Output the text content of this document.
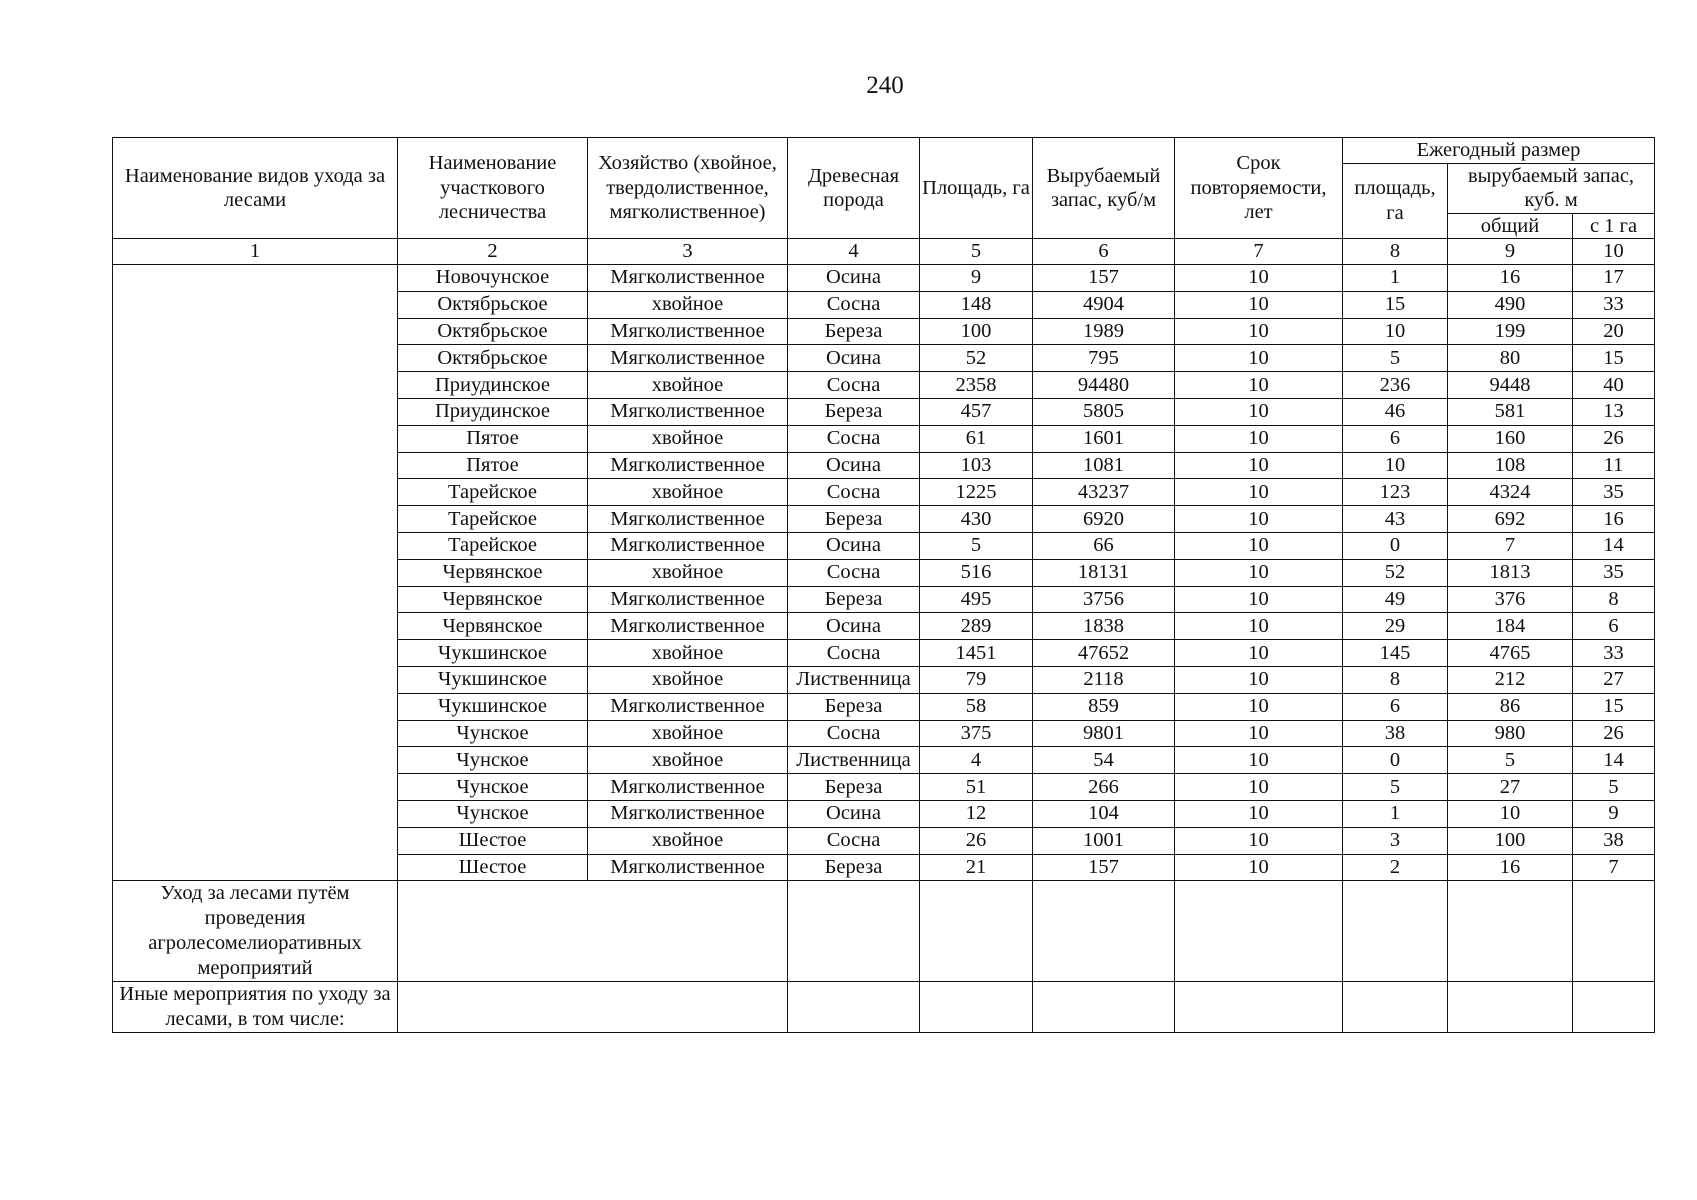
240
Наименование видов ухода за лесами	Наименование участкового лесничества	Хозяйство (хвойное, твердолиственное, мягколиственное)	Древесная порода	Площадь, га	Вырубаемый запас, куб/м	Срок повторяемости, лет	Ежегодный размер		
							площадь, га	вырубаемый запас, куб. м	
								общий	с 1 га
1	2	3	4	5	6	7	8	9	10
	Новочунское	Мягколиственное	Осина	9	157	10	1	16	17
	Октябрьское	хвойное	Сосна	148	4904	10	15	490	33
	Октябрьское	Мягколиственное	Береза	100	1989	10	10	199	20
	Октябрьское	Мягколиственное	Осина	52	795	10	5	80	15
	Приудинское	хвойное	Сосна	2358	94480	10	236	9448	40
	Приудинское	Мягколиственное	Береза	457	5805	10	46	581	13
	Пятое	хвойное	Сосна	61	1601	10	6	160	26
	Пятое	Мягколиственное	Осина	103	1081	10	10	108	11
	Тарейское	хвойное	Сосна	1225	43237	10	123	4324	35
	Тарейское	Мягколиственное	Береза	430	6920	10	43	692	16
	Тарейское	Мягколиственное	Осина	5	66	10	0	7	14
	Червянское	хвойное	Сосна	516	18131	10	52	1813	35
	Червянское	Мягколиственное	Береза	495	3756	10	49	376	8
	Червянское	Мягколиственное	Осина	289	1838	10	29	184	6
	Чукшинское	хвойное	Сосна	1451	47652	10	145	4765	33
	Чукшинское	хвойное	Лиственница	79	2118	10	8	212	27
	Чукшинское	Мягколиственное	Береза	58	859	10	6	86	15
	Чунское	хвойное	Сосна	375	9801	10	38	980	26
	Чунское	хвойное	Лиственница	4	54	10	0	5	14
	Чунское	Мягколиственное	Береза	51	266	10	5	27	5
	Чунское	Мягколиственное	Осина	12	104	10	1	10	9
	Шестое	хвойное	Сосна	26	1001	10	3	100	38
	Шестое	Мягколиственное	Береза	21	157	10	2	16	7
Уход за лесами путём проведения агролесомелиоративных мероприятий									
Иные мероприятия по уходу за лесами, в том числе:									
